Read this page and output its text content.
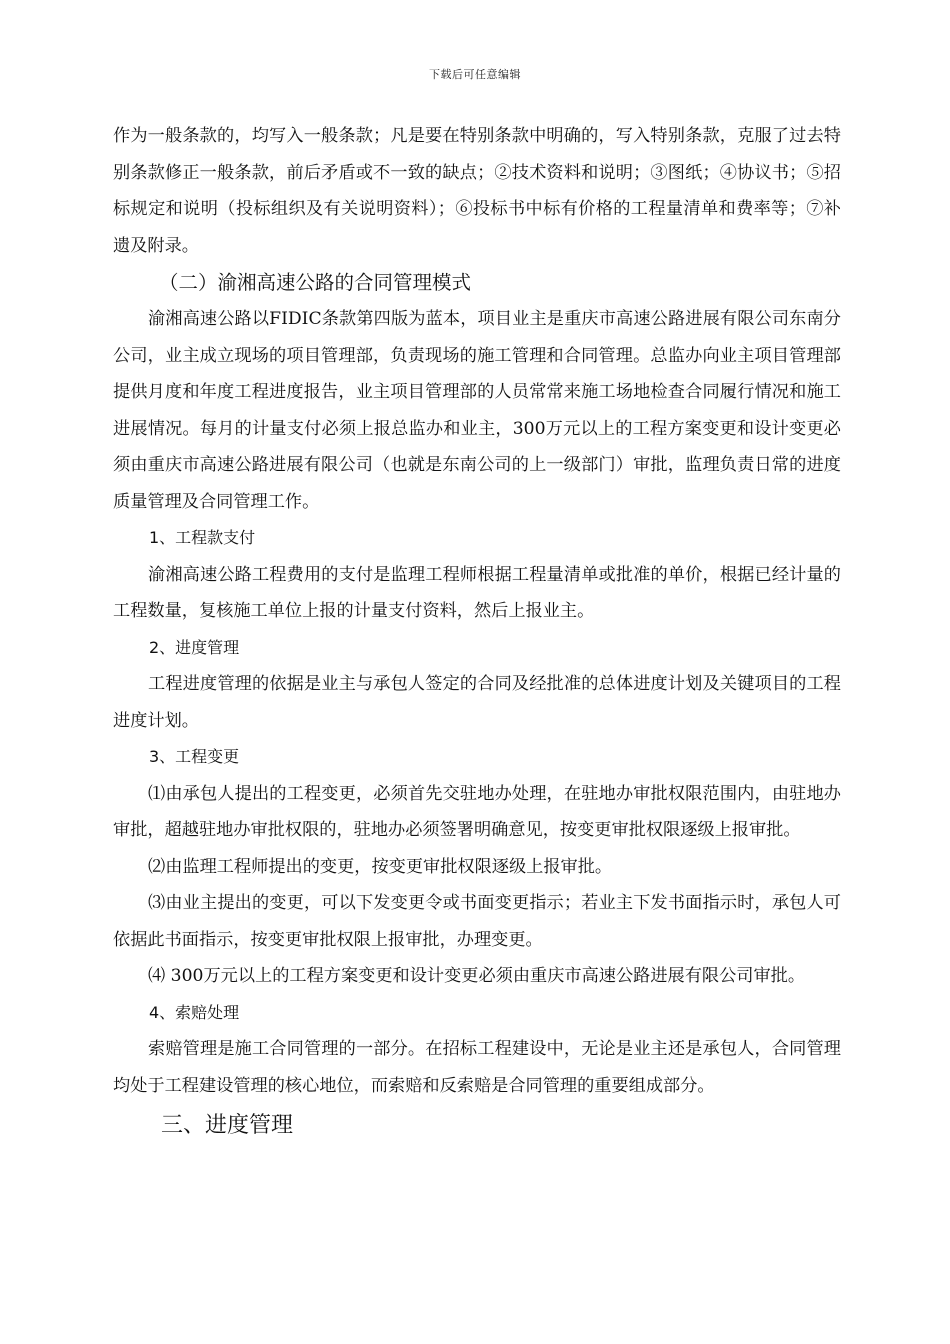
下载后可任意编辑

作为一般条款的，均写入一般条款；凡是要在特别条款中明确的，写入特别条款，克服了过去特别条款修正一般条款，前后矛盾或不一致的缺点；②技术资料和说明；③图纸；④协议书；⑤招标规定和说明（投标组织及有关说明资料）；⑥投标书中标有价格的工程量清单和费率等；⑦补遗及附录。

（二）渝湘高速公路的合同管理模式

渝湘高速公路以FIDIC条款第四版为蓝本，项目业主是重庆市高速公路进展有限公司东南分公司，业主成立现场的项目管理部，负责现场的施工管理和合同管理。总监办向业主项目管理部提供月度和年度工程进度报告，业主项目管理部的人员常常来施工场地检查合同履行情况和施工进展情况。每月的计量支付必须上报总监办和业主，300万元以上的工程方案变更和设计变更必须由重庆市高速公路进展有限公司（也就是东南公司的上一级部门）审批，监理负责日常的进度质量管理及合同管理工作。

1、工程款支付

渝湘高速公路工程费用的支付是监理工程师根据工程量清单或批准的单价，根据已经计量的工程数量，复核施工单位上报的计量支付资料，然后上报业主。

2、进度管理

工程进度管理的依据是业主与承包人签定的合同及经批准的总体进度计划及关键项目的工程进度计划。

3、工程变更

⑴由承包人提出的工程变更，必须首先交驻地办处理，在驻地办审批权限范围内，由驻地办审批，超越驻地办审批权限的，驻地办必须签署明确意见，按变更审批权限逐级上报审批。

⑵由监理工程师提出的变更，按变更审批权限逐级上报审批。

⑶由业主提出的变更，可以下发变更令或书面变更指示；若业主下发书面指示时，承包人可依据此书面指示，按变更审批权限上报审批，办理变更。

⑷ 300万元以上的工程方案变更和设计变更必须由重庆市高速公路进展有限公司审批。

4、索赔处理

索赔管理是施工合同管理的一部分。在招标工程建设中，无论是业主还是承包人，合同管理均处于工程建设管理的核心地位，而索赔和反索赔是合同管理的重要组成部分。

三、进度管理
